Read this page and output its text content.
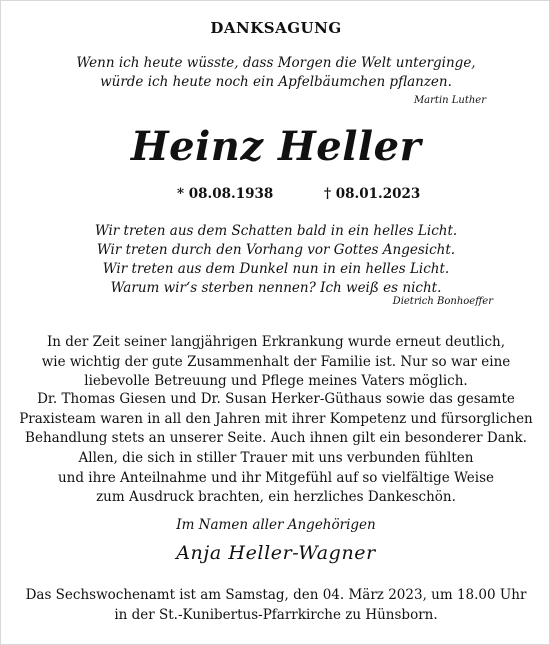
DANKSAGUNG
Wenn ich heute wüsste, dass Morgen die Welt unterginge,
würde ich heute noch ein Apfelbäumchen pflanzen.
Martin Luther
Heinz Heller
* 08.08.1938	† 08.01.2023
Wir treten aus dem Schatten bald in ein helles Licht.
Wir treten durch den Vorhang vor Gottes Angesicht.
Wir treten aus dem Dunkel nun in ein helles Licht.
Warum wir‘s sterben nennen? Ich weiß es nicht.
Dietrich Bonhoeffer
In der Zeit seiner langjährigen Erkrankung wurde erneut deutlich,
wie wichtig der gute Zusammenhalt der Familie ist. Nur so war eine
liebevolle Betreuung und Pflege meines Vaters möglich.
Dr. Thomas Giesen und Dr. Susan Herker-Güthaus sowie das gesamte
Praxisteam waren in all den Jahren mit ihrer Kompetenz und fürsorglichen
Behandlung stets an unserer Seite. Auch ihnen gilt ein besonderer Dank.
Allen, die sich in stiller Trauer mit uns verbunden fühlten
und ihre Anteilnahme und ihr Mitgefühl auf so vielfältige Weise
zum Ausdruck brachten, ein herzliches Dankeschön.
Im Namen aller Angehörigen
Anja Heller-Wagner
Das Sechswochenamt ist am Samstag, den 04. März 2023, um 18.00 Uhr
in der St.-Kunibertus-Pfarrkirche zu Hünsborn.
